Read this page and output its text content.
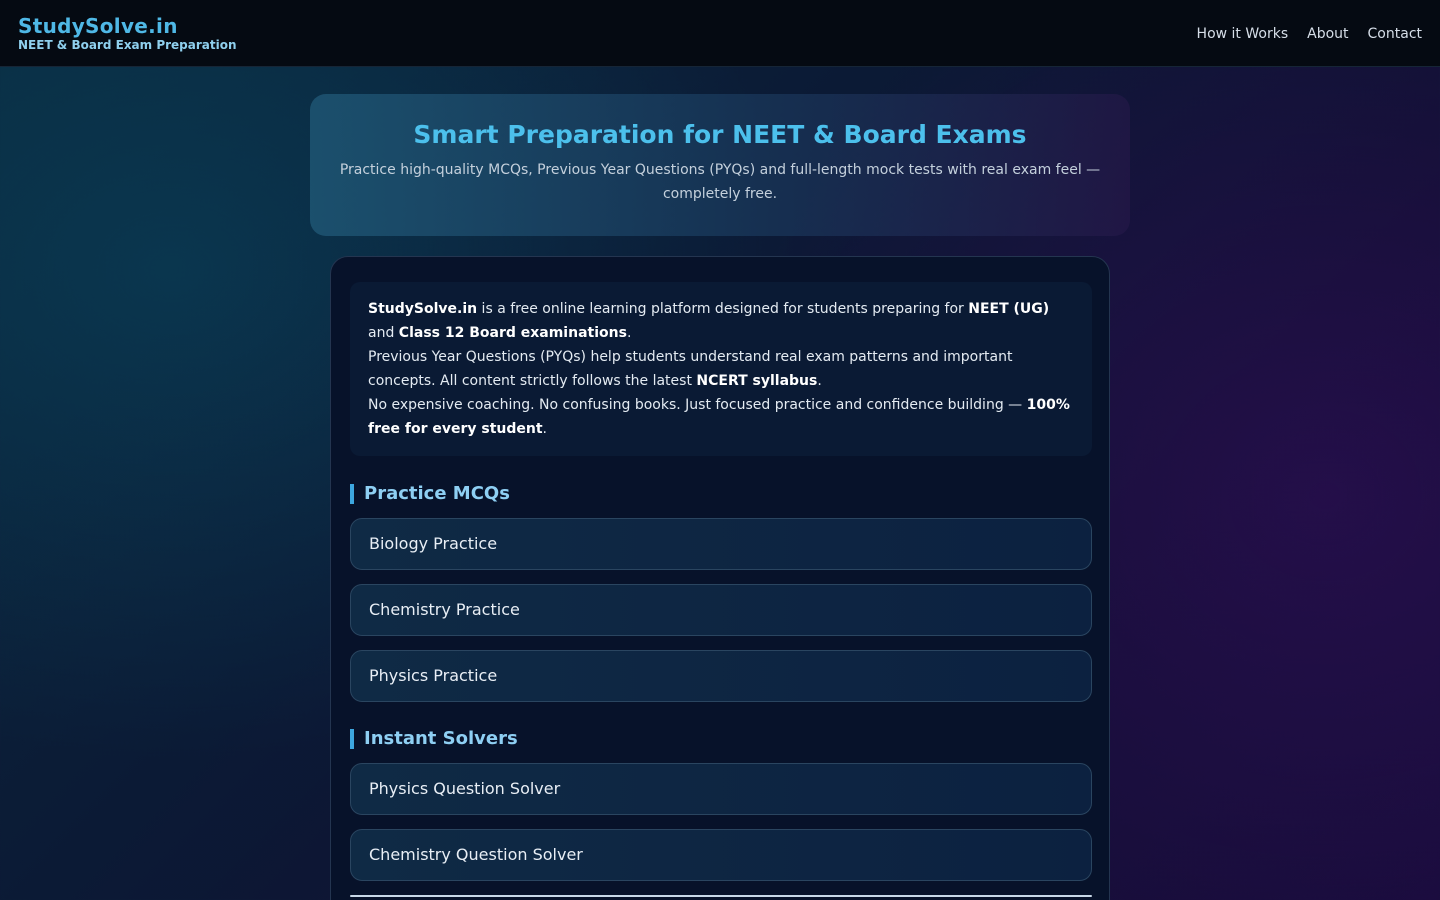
StudySolve.in
NEET & Board Exam Preparation
How it Works About Contact
Smart Preparation for NEET & Board Exams

Practice high-quality MCQs, Previous Year Questions (PYQs) and full-length mock tests with real exam feel — completely free.

StudySolve.in is a free online learning platform designed for students preparing for NEET (UG) and Class 12 Board examinations.

Previous Year Questions (PYQs) help students understand real exam patterns and important concepts. All content strictly follows the latest NCERT syllabus.

No expensive coaching. No confusing books. Just focused practice and confidence building — 100% free for every student.

Practice MCQs
Biology Practice
Chemistry Practice
Physics Practice
Instant Solvers
Physics Question Solver
Chemistry Question Solver
